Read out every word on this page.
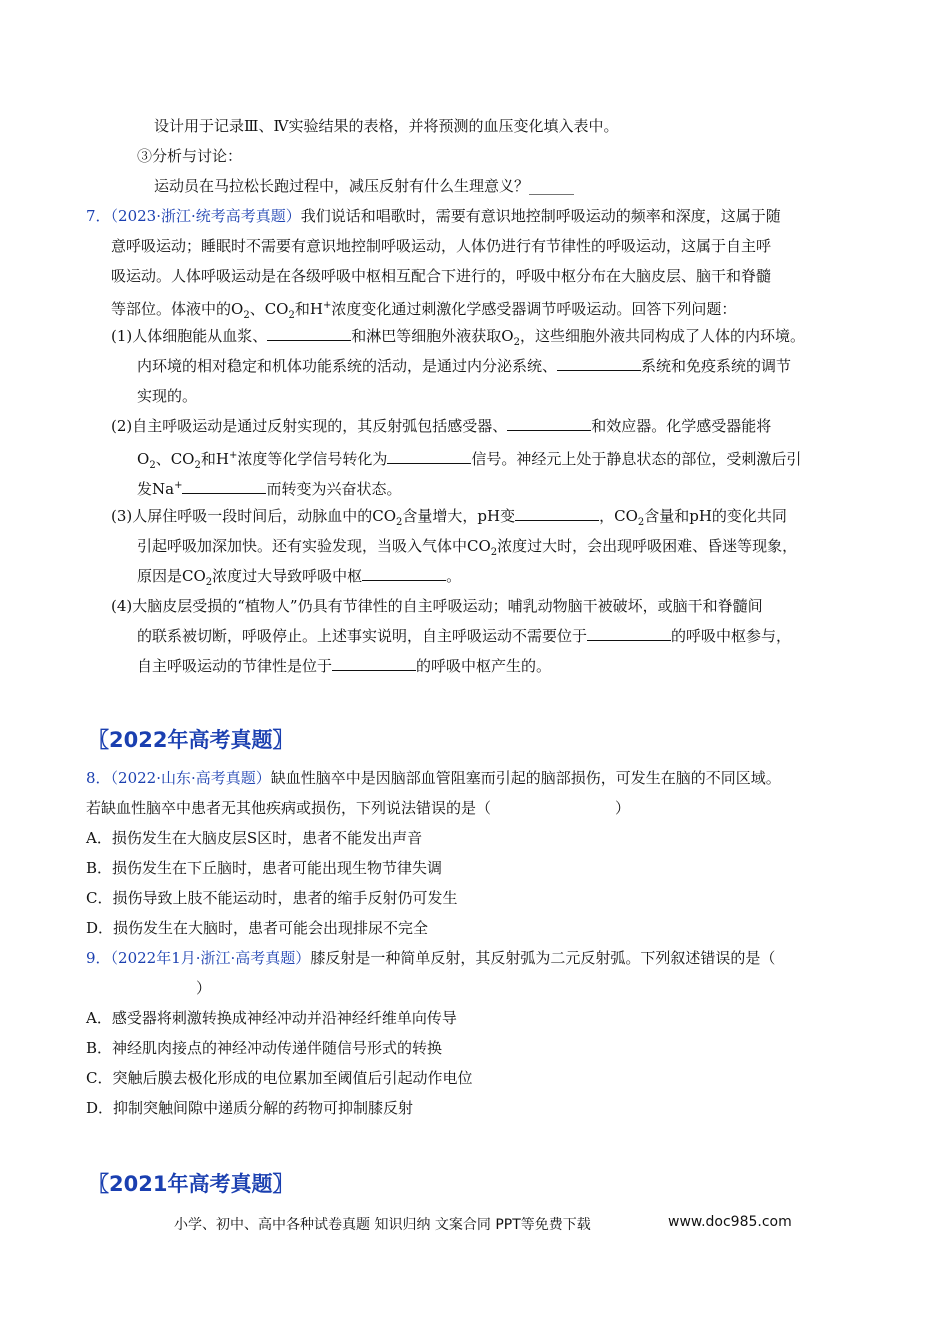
设计用于记录Ⅲ、Ⅳ实验结果的表格，并将预测的血压变化填入表中。
③分析与讨论：
运动员在马拉松长跑过程中，减压反射有什么生理意义？______
7．（2023·浙江·统考高考真题）我们说话和唱歌时，需要有意识地控制呼吸运动的频率和深度，这属于随
意呼吸运动；睡眠时不需要有意识地控制呼吸运动，人体仍进行有节律性的呼吸运动，这属于自主呼
吸运动。人体呼吸运动是在各级呼吸中枢相互配合下进行的，呼吸中枢分布在大脑皮层、脑干和脊髓
等部位。体液中的$O_2$、$CO_2$和H+浓度变化通过刺激化学感受器调节呼吸运动。回答下列问题：
(1)人体细胞能从血浆、	和淋巴等细胞外液获取$O_2$，这些细胞外液共同构成了人体的内环境。
内环境的相对稳定和机体功能系统的活动，是通过内分泌系统、	系统和免疫系统的调节
实现的。
(2)自主呼吸运动是通过反射实现的，其反射弧包括感受器、	和效应器。化学感受器能将
$O_2$、$CO_2$和H+浓度等化学信号转化为	信号。神经元上处于静息状态的部位，受刺激后引
发Na+	而转变为兴奋状态。
(3)人屏住呼吸一段时间后，动脉血中的$CO_2$含量增大，pH变	，$CO_2$含量和pH的变化共同
引起呼吸加深加快。还有实验发现，当吸入气体中$CO_2$浓度过大时，会出现呼吸困难、昏迷等现象，
原因是$CO_2$浓度过大导致呼吸中枢	。
(4)大脑皮层受损的“植物人”仍具有节律性的自主呼吸运动；哺乳动物脑干被破坏，或脑干和脊髓间
的联系被切断，呼吸停止。上述事实说明，自主呼吸运动不需要位于	的呼吸中枢参与，
自主呼吸运动的节律性是位于	的呼吸中枢产生的。
〖2022年高考真题〗
8．（2022·山东·高考真题）缺血性脑卒中是因脑部血管阻塞而引起的脑部损伤，可发生在脑的不同区域。
若缺血性脑卒中患者无其他疾病或损伤，下列说法错误的是（	）
A．损伤发生在大脑皮层S区时，患者不能发出声音
B．损伤发生在下丘脑时，患者可能出现生物节律失调
C．损伤导致上肢不能运动时，患者的缩手反射仍可发生
D．损伤发生在大脑时，患者可能会出现排尿不完全
9．（2022年1月·浙江·高考真题）膝反射是一种简单反射，其反射弧为二元反射弧。下列叙述错误的是（
）
A．感受器将刺激转换成神经冲动并沿神经纤维单向传导
B．神经肌肉接点的神经冲动传递伴随信号形式的转换
C．突触后膜去极化形成的电位累加至阈值后引起动作电位
D．抑制突触间隙中递质分解的药物可抑制膝反射
〖2021年高考真题〗
小学、初中、高中各种试卷真题 知识归纳 文案合同 PPT等免费下载	www.doc985.com
